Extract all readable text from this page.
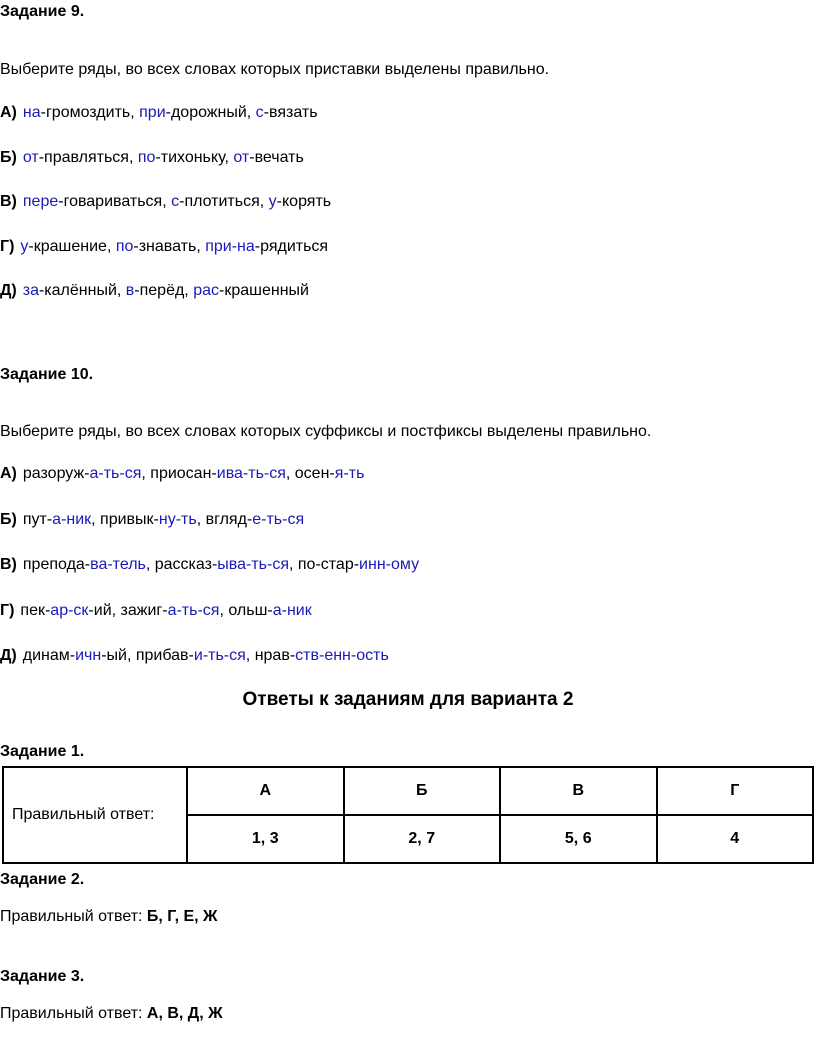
Задание 9.
Выберите ряды, во всех словах которых приставки выделены правильно.
А) на-громоздить, при-дорожный, с-вязать
Б) от-правляться, по-тихоньку, от-вечать
В) пере-говариваться, с-плотиться, у-корять
Г) у-крашение, по-знавать, при-на-рядиться
Д) за-калённый, в-перёд, рас-крашенный
Задание 10.
Выберите ряды, во всех словах которых суффиксы и постфиксы выделены правильно.
А) разоруж-а-ть-ся, приосан-ива-ть-ся, осен-я-ть
Б) пут-а-ник, привык-ну-ть, вгляд-е-ть-ся
В) препода-ва-тель, рассказ-ыва-ть-ся, по-стар-инн-ому
Г) пек-ар-ск-ий, зажиг-а-ть-ся, ольш-а-ник
Д) динам-ичн-ый, прибав-и-ть-ся, нрав-ств-енн-ость
Ответы к заданиям для варианта 2
Задание 1.
Правильный ответ:	А	Б	В	Г
	1, 3	2, 7	5, 6	4
Задание 2.
Правильный ответ: Б, Г, Е, Ж
Задание 3.
Правильный ответ: А, В, Д, Ж
